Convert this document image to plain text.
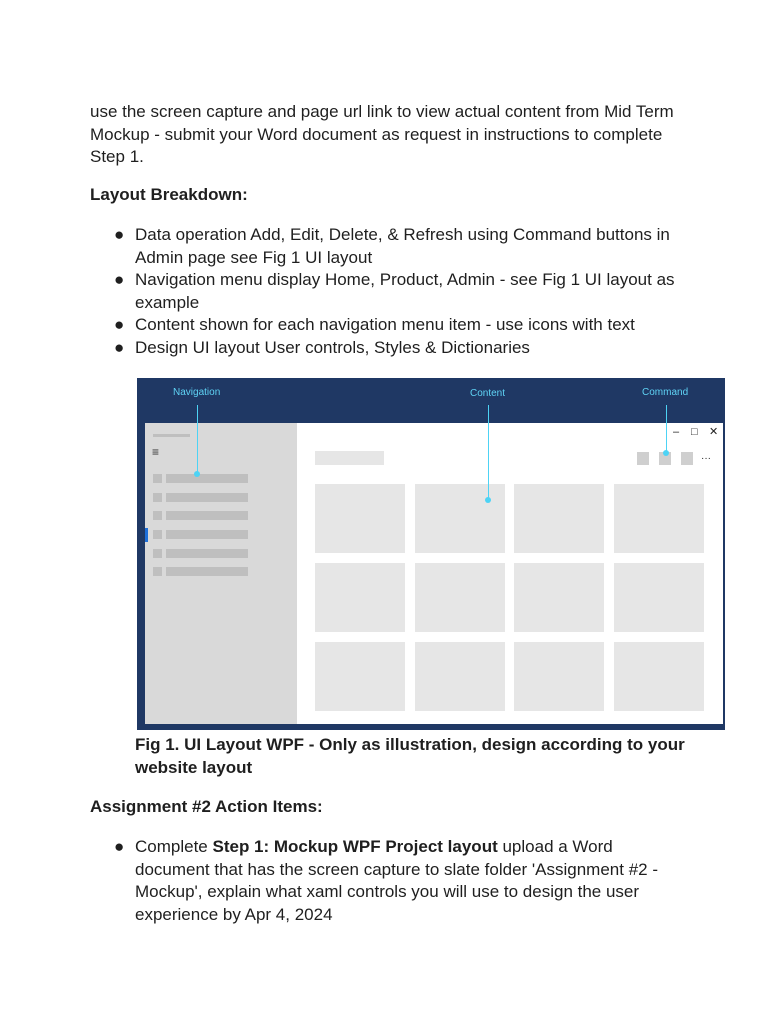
use the screen capture and page url link to view actual content from Mid Term Mockup - submit your Word document as request in instructions to complete Step 1.

Layout Breakdown:

● Data operation Add, Edit, Delete, & Refresh using Command buttons in Admin page see Fig 1 UI layout
● Navigation menu display Home, Product, Admin - see Fig 1 UI layout as example
● Content shown for each navigation menu item - use icons with text
● Design UI layout User controls, Styles & Dictionaries
Navigation	Content	Command
≡
– □ ✕
···

Fig 1. UI Layout WPF - Only as illustration, design according to your website layout

Assignment #2 Action Items:

● Complete Step 1: Mockup WPF Project layout upload a Word document that has the screen capture to slate folder 'Assignment #2 - Mockup', explain what xaml controls you will use to design the user experience by Apr 4, 2024
